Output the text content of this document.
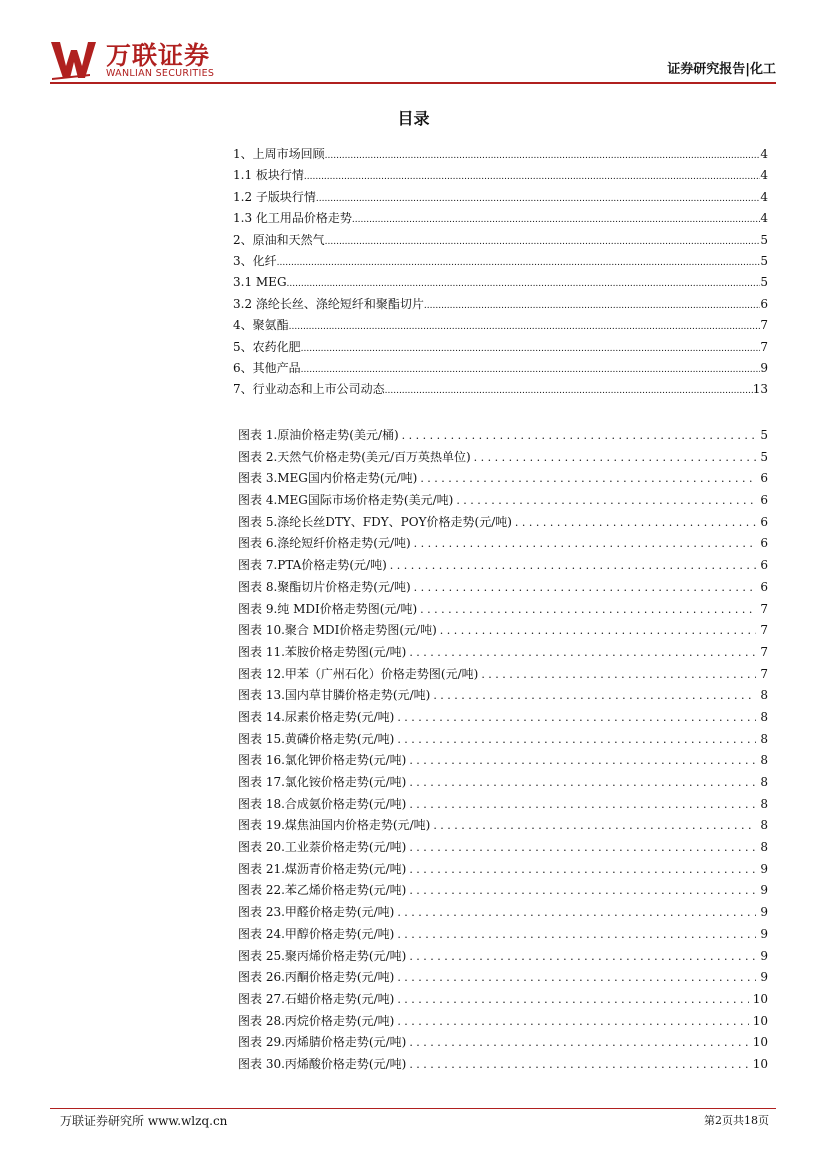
万联证券
WANLIAN SECURITIES	证券研究报告|化工
目录
1、上周市场回顾 .....	4
1.1 板块行情 .....	4
1.2 子版块行情 .....	4
1.3 化工用品价格走势 .....	4
2、原油和天然气 .....	5
3、化纤 .....	5
3.1 MEG .....	5
3.2 涤纶长丝、涤纶短纤和聚酯切片 .....	6
4、聚氨酯 .....	7
5、农药化肥 .....	7
6、其他产品 .....	9
7、行业动态和上市公司动态 .....	13
图表 1.原油价格走势(美元/桶) . . .	5
图表 2.天然气价格走势(美元/百万英热单位) . . .	5
图表 3.MEG国内价格走势(元/吨) . . .	6
图表 4.MEG国际市场价格走势(美元/吨) . . .	6
图表 5.涤纶长丝DTY、FDY、POY价格走势(元/吨) . . .	6
图表 6.涤纶短纤价格走势(元/吨) . . .	6
图表 7.PTA价格走势(元/吨) . . .	6
图表 8.聚酯切片价格走势(元/吨) . . .	6
图表 9.纯 MDI价格走势图(元/吨) . . .	7
图表 10.聚合 MDI价格走势图(元/吨) . . .	7
图表 11.苯胺价格走势图(元/吨) . . .	7
图表 12.甲苯（广州石化）价格走势图(元/吨) . . .	7
图表 13.国内草甘膦价格走势(元/吨) . . .	8
图表 14.尿素价格走势(元/吨) . . .	8
图表 15.黄磷价格走势(元/吨) . . .	8
图表 16.氯化钾价格走势(元/吨) . . .	8
图表 17.氯化铵价格走势(元/吨) . . .	8
图表 18.合成氨价格走势(元/吨) . . .	8
图表 19.煤焦油国内价格走势(元/吨) . . .	8
图表 20.工业萘价格走势(元/吨) . . .	8
图表 21.煤沥青价格走势(元/吨) . . .	9
图表 22.苯乙烯价格走势(元/吨) . . .	9
图表 23.甲醛价格走势(元/吨) . . .	9
图表 24.甲醇价格走势(元/吨) . . .	9
图表 25.聚丙烯价格走势(元/吨) . . .	9
图表 26.丙酮价格走势(元/吨) . . .	9
图表 27.石蜡价格走势(元/吨) . . .	10
图表 28.丙烷价格走势(元/吨) . . .	10
图表 29.丙烯腈价格走势(元/吨) . . .	10
图表 30.丙烯酸价格走势(元/吨) . . .	10
万联证券研究所 www.wlzq.cn	第2页共18页
